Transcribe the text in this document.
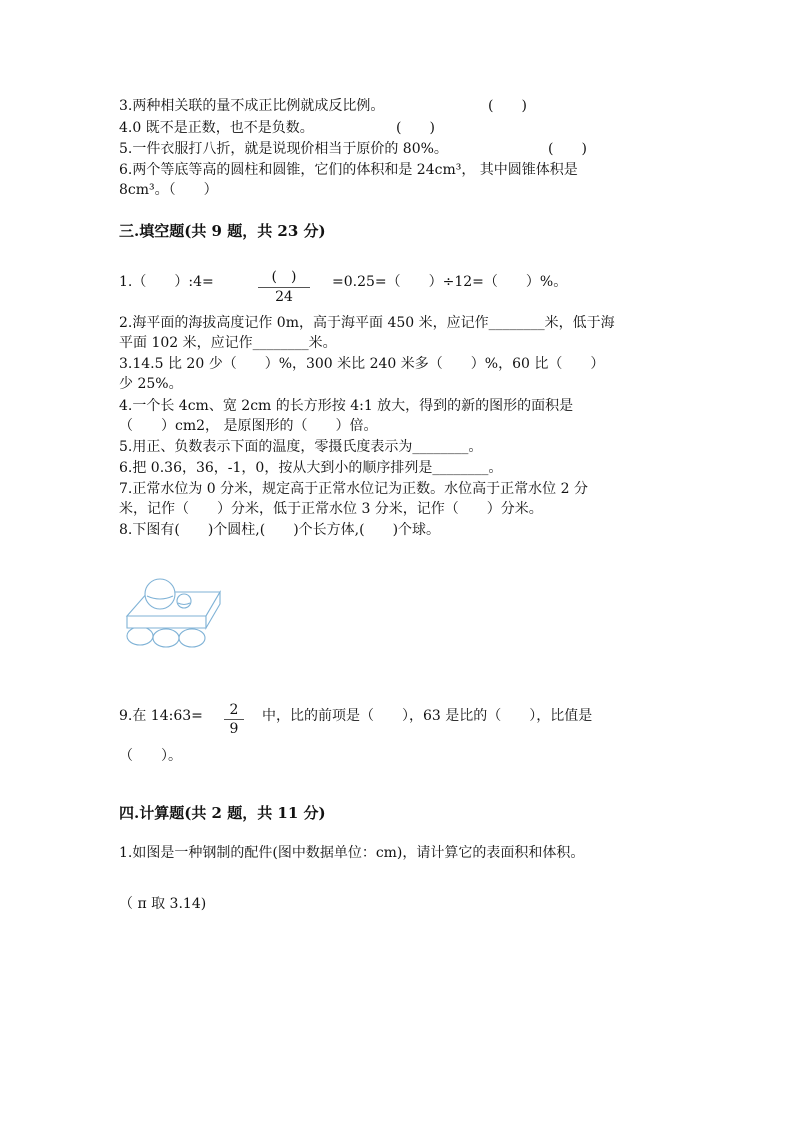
3.两种相关联的量不成正比例就成反比例。	(　　)
4.0 既不是正数，也不是负数。	(　　)
5.一件衣服打八折，就是说现价相当于原价的 80%。	(　　)
6.两个等底等高的圆柱和圆锥，它们的体积和是 24cm³， 其中圆锥体积是
8cm³。（　　）
三.填空题(共 9 题，共 23 分)
1.（　　）:4=	(　)
24
=0.25=（　　）÷12=（　　）%。
2.海平面的海拔高度记作 0m，高于海平面 450 米，应记作________米，低于海
平面 102 米，应记作________米。
3.14.5 比 20 少（　　）%，300 米比 240 米多（　　）%，60 比（　　）
少 25%。
4.一个长 4cm、宽 2cm 的长方形按 4:1 放大，得到的新的图形的面积是
（　　）cm2， 是原图形的（　　）倍。
5.用正、负数表示下面的温度，零摄氏度表示为________。
6.把 0.36，36，-1，0，按从大到小的顺序排列是________。
7.正常水位为 0 分米，规定高于正常水位记为正数。水位高于正常水位 2 分
米，记作（　　）分米，低于正常水位 3 分米，记作（　　）分米。
8.下图有(　　)个圆柱,(　　)个长方体,(　　)个球。
9.在 14:63=	2
9
中，比的前项是（　　），63 是比的（　　），比值是
（　　）。
四.计算题(共 2 题，共 11 分)
1.如图是一种钢制的配件(图中数据单位：cm)，请计算它的表面积和体积。
（ π 取 3.14)
